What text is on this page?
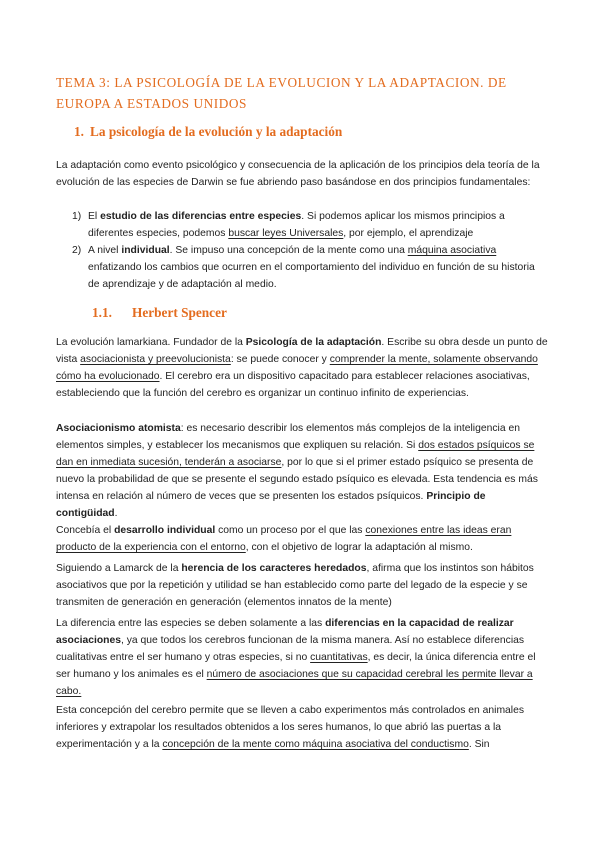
TEMA 3: LA PSICOLOGÍA DE LA EVOLUCION Y LA ADAPTACION. DE EUROPA A ESTADOS UNIDOS
1. La psicología de la evolución y la adaptación
La adaptación como evento psicológico y consecuencia de la aplicación de los principios dela teoría de la evolución de las especies de Darwin se fue abriendo paso basándose en dos principios fundamentales:
1) El estudio de las diferencias entre especies. Si podemos aplicar los mismos principios a diferentes especies, podemos buscar leyes Universales, por ejemplo, el aprendizaje
2) A nivel individual. Se impuso una concepción de la mente como una máquina asociativa enfatizando los cambios que ocurren en el comportamiento del individuo en función de su historia de aprendizaje y de adaptación al medio.
1.1. Herbert Spencer
La evolución lamarkiana. Fundador de la Psicología de la adaptación. Escribe su obra desde un punto de vista asociacionista y preevolucionista: se puede conocer y comprender la mente, solamente observando cómo ha evolucionado. El cerebro era un dispositivo capacitado para establecer relaciones asociativas, estableciendo que la función del cerebro es organizar un continuo infinito de experiencias.
Asociacionismo atomista: es necesario describir los elementos más complejos de la inteligencia en elementos simples, y establecer los mecanismos que expliquen su relación. Si dos estados psíquicos se dan en inmediata sucesión, tenderán a asociarse, por lo que si el primer estado psíquico se presenta de nuevo la probabilidad de que se presente el segundo estado psíquico es elevada. Esta tendencia es más intensa en relación al número de veces que se presenten los estados psíquicos. Principio de contigüidad.
Concebía el desarrollo individual como un proceso por el que las conexiones entre las ideas eran producto de la experiencia con el entorno, con el objetivo de lograr la adaptación al mismo.
Siguiendo a Lamarck de la herencia de los caracteres heredados, afirma que los instintos son hábitos asociativos que por la repetición y utilidad se han establecido como parte del legado de la especie y se transmiten de generación en generación (elementos innatos de la mente)
La diferencia entre las especies se deben solamente a las diferencias en la capacidad de realizar asociaciones, ya que todos los cerebros funcionan de la misma manera. Así no establece diferencias cualitativas entre el ser humano y otras especies, si no cuantitativas, es decir, la única diferencia entre el ser humano y los animales es el número de asociaciones que su capacidad cerebral les permite llevar a cabo.
Esta concepción del cerebro permite que se lleven a cabo experimentos más controlados en animales inferiores y extrapolar los resultados obtenidos a los seres humanos, lo que abrió las puertas a la experimentación y a la concepción de la mente como máquina asociativa del conductismo. Sin
